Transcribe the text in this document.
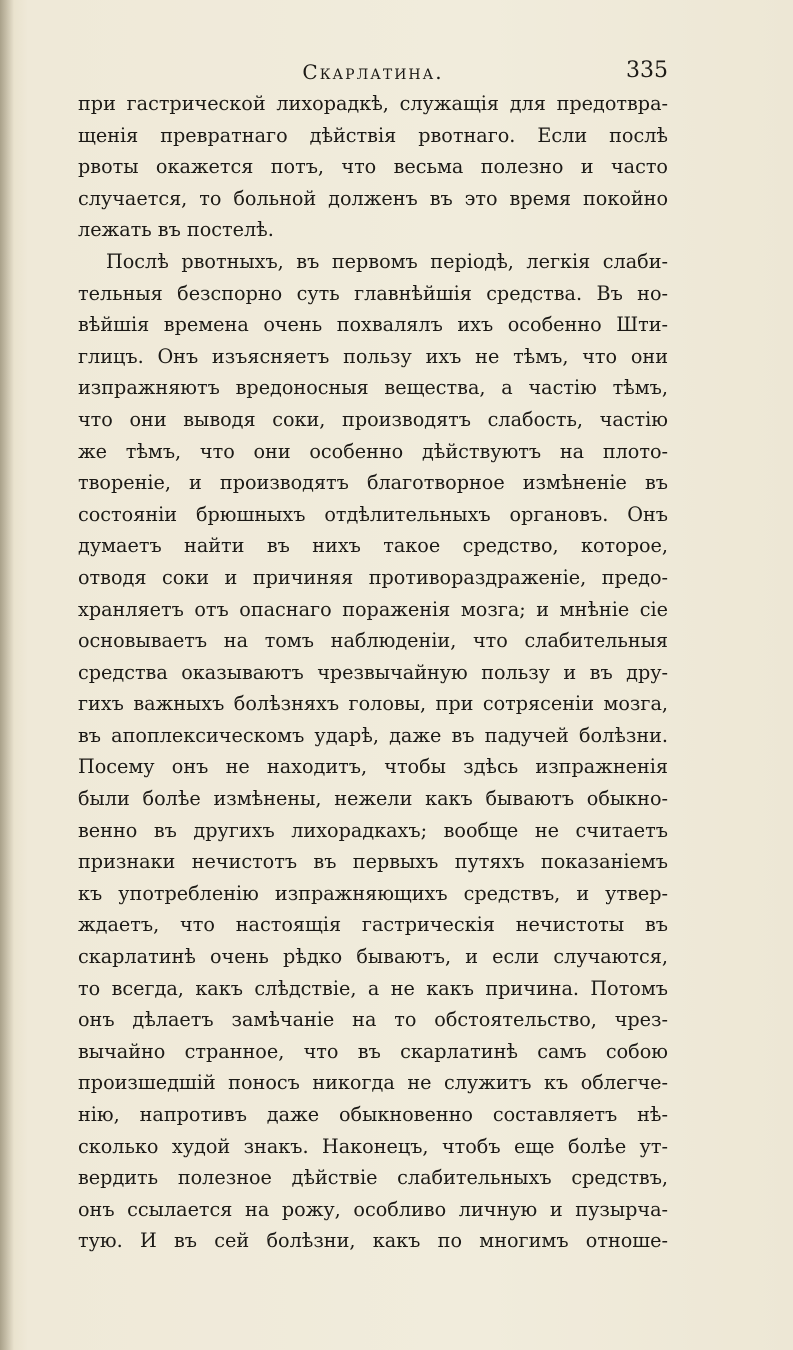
Скарлатина.	335
при гастрической лихорадкѣ, служащія для предотвра-
щенія превратнаго дѣйствія рвотнаго. Если послѣ
рвоты окажется потъ, что весьма полезно и часто
случается, то больной долженъ въ это время покойно
лежать въ постелѣ.
Послѣ рвотныхъ, въ первомъ періодѣ, легкія слаби-
тельныя безспорно суть главнѣйшія средства. Въ но-
вѣйшія времена очень похвалялъ ихъ особенно Шти-
глицъ. Онъ изъясняетъ пользу ихъ не тѣмъ, что они
изпражняютъ вредоносныя вещества, а частію тѣмъ,
что они выводя соки, производятъ слабость, частію
же тѣмъ, что они особенно дѣйствуютъ на плото-
твореніе, и производятъ благотворное измѣненіе въ
состояніи брюшныхъ отдѣлительныхъ органовъ. Онъ
думаетъ найти въ нихъ такое средство, которое,
отводя соки и причиняя противораздраженіе, предо-
хранляетъ отъ опаснаго пораженія мозга; и мнѣніе сіе
основываетъ на томъ наблюденіи, что слабительныя
средства оказываютъ чрезвычайную пользу и въ дру-
гихъ важныхъ болѣзняхъ головы, при сотрясеніи мозга,
въ апоплексическомъ ударѣ, даже въ падучей болѣзни.
Посему онъ не находитъ, чтобы здѣсь изпражненія
были болѣе измѣнены, нежели какъ бываютъ обыкно-
венно въ другихъ лихорадкахъ; вообще не считаетъ
признаки нечистотъ въ первыхъ путяхъ показаніемъ
къ употребленію изпражняющихъ средствъ, и утвер-
ждаетъ, что настоящія гастрическія нечистоты въ
скарлатинѣ очень рѣдко бываютъ, и если случаются,
то всегда, какъ слѣдствіе, а не какъ причина. Потомъ
онъ дѣлаетъ замѣчаніе на то обстоятельство, чрез-
вычайно странное, что въ скарлатинѣ самъ собою
произшедшій поносъ никогда не служитъ къ облегче-
нію, напротивъ даже обыкновенно составляетъ нѣ-
сколько худой знакъ. Наконецъ, чтобъ еще болѣе ут-
вердить полезное дѣйствіе слабительныхъ средствъ,
онъ ссылается на рожу, особливо личную и пузырча-
тую. И въ сей болѣзни, какъ по многимъ отноше-
